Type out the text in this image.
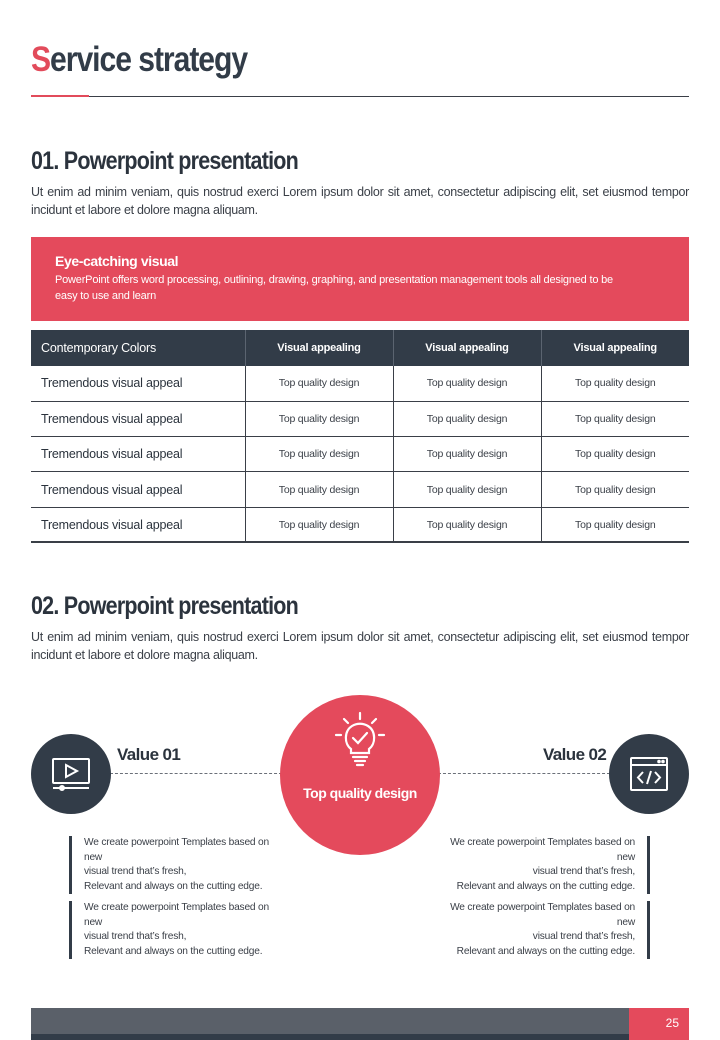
Service strategy
01. Powerpoint presentation

Ut enim ad minim veniam, quis nostrud exerci Lorem ipsum dolor sit amet, consectetur adipiscing elit, set eiusmod tempor incidunt et labore et dolore magna aliquam.

Eye-catching visual
PowerPoint offers word processing, outlining, drawing, graphing, and presentation management tools all designed to be easy to use and learn
Contemporary Colors	Visual appealing	Visual appealing	Visual appealing
Tremendous visual appeal	Top quality design	Top quality design	Top quality design
Tremendous visual appeal	Top quality design	Top quality design	Top quality design
Tremendous visual appeal	Top quality design	Top quality design	Top quality design
Tremendous visual appeal	Top quality design	Top quality design	Top quality design
Tremendous visual appeal	Top quality design	Top quality design	Top quality design
02. Powerpoint presentation

Ut enim ad minim veniam, quis nostrud exerci Lorem ipsum dolor sit amet, consectetur adipiscing elit, set eiusmod tempor incidunt et labore et dolore magna aliquam.

Value 01	Value 02
Top quality design
We create powerpoint Templates based on new
visual trend that’s fresh,
Relevant and always on the cutting edge.
We create powerpoint Templates based on new
visual trend that’s fresh,
Relevant and always on the cutting edge.
We create powerpoint Templates based on new
visual trend that’s fresh,
Relevant and always on the cutting edge.
We create powerpoint Templates based on new
visual trend that’s fresh,
Relevant and always on the cutting edge.
25
